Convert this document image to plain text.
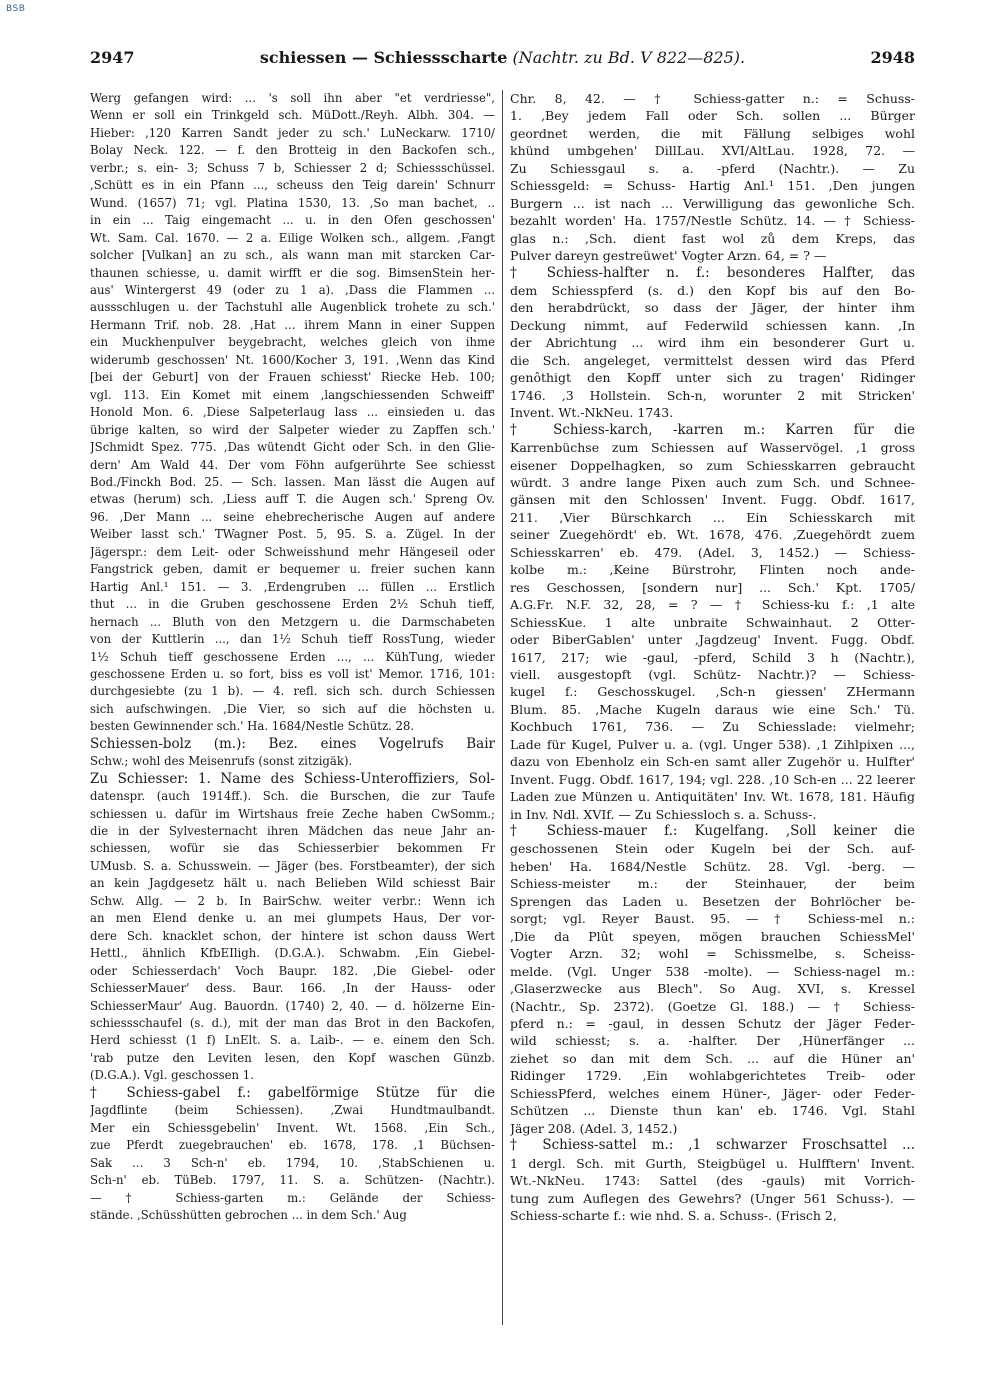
BSB
2947	schiessen — Schiessscharte (Nachtr. zu Bd. V 822—825).	2948
Werg gefangen wird: ... 's soll ihn aber "et verdriesse",
Wenn er soll ein Trinkgeld sch. MüDott./Reyh. Albh. 304. —
Hieber: ,120 Karren Sandt jeder zu sch.' LuNeckarw. 1710/
Bolay Neck. 122. — f. den Brotteig in den Backofen sch.,
verbr.; s. ein- 3; Schuss 7 b, Schiesser 2 d; Schiessschüssel.
,Schütt es in ein Pfann ..., scheuss den Teig darein' Schnurr
Wund. (1657) 71; vgl. Platina 1530, 13. ,So man bachet, ..
in ein ... Taig eingemacht ... u. in den Ofen geschossen'
Wt. Sam. Cal. 1670. — 2 a. Eilige Wolken sch., allgem. ,Fangt
solcher [Vulkan] an zu sch., als wann man mit starcken Car-
thaunen schiesse, u. damit wirfft er die sog. BimsenStein her-
aus' Wintergerst 49 (oder zu 1 a). ,Dass die Flammen ...
aussschlugen u. der Tachstuhl alle Augenblick trohete zu sch.'
Hermann Trif. nob. 28. ,Hat ... ihrem Mann in einer Suppen
ein Muckhenpulver beygebracht, welches gleich von ihme
widerumb geschossen' Nt. 1600/Kocher 3, 191. ,Wenn das Kind
[bei der Geburt] von der Frauen schiesst' Riecke Heb. 100;
vgl. 113. Ein Komet mit einem ,langschiessenden Schweiff'
Honold Mon. 6. ,Diese Salpeterlaug lass ... einsieden u. das
übrige kalten, so wird der Salpeter wieder zu Zapffen sch.'
JSchmidt Spez. 775. ,Das wütendt Gicht oder Sch. in den Glie-
dern' Am Wald 44. Der vom Föhn aufgerührte See schiesst
Bod./Finckh Bod. 25. — Sch. lassen. Man lässt die Augen auf
etwas (herum) sch. ,Liess auff T. die Augen sch.' Spreng Ov.
96. ,Der Mann ... seine ehebrecherische Augen auf andere
Weiber lasst sch.' TWagner Post. 5, 95. S. a. Zügel. In der
Jägerspr.: dem Leit- oder Schweisshund mehr Hängeseil oder
Fangstrick geben, damit er bequemer u. freier suchen kann
Hartig Anl.¹ 151. — 3. ,Erdengruben ... füllen ... Erstlich
thut ... in die Gruben geschossene Erden 2½ Schuh tieff,
hernach ... Bluth von den Metzgern u. die Darmschabeten
von der Kuttlerin ..., dan 1½ Schuh tieff RossTung, wieder
1½ Schuh tieff geschossene Erden ..., ... KühTung, wieder
geschossene Erden u. so fort, biss es voll ist' Memor. 1716, 101:
durchgesiebte (zu 1 b). — 4. refl. sich sch. durch Schiessen
sich aufschwingen. ,Die Vier, so sich auf die höchsten u.
besten Gewinnender sch.' Ha. 1684/Nestle Schütz. 28.
Schiessen-bolz (m.): Bez. eines Vogelrufs Bair
Schw.; wohl des Meisenrufs (sonst zitzigäk).
Zu Schiesser: 1. Name des Schiess-Unteroffiziers, Sol-
datenspr. (auch 1914ff.). Sch. die Burschen, die zur Taufe
schiessen u. dafür im Wirtshaus freie Zeche haben CwSomm.;
die in der Sylvesternacht ihren Mädchen das neue Jahr an-
schiessen, wofür sie das Schiesserbier bekommen Fr
UMusb. S. a. Schusswein. — Jäger (bes. Forstbeamter), der sich
an kein Jagdgesetz hält u. nach Belieben Wild schiesst Bair
Schw. Allg. — 2 b. In BairSchw. weiter verbr.: Wenn ich
an men Elend denke u. an mei glumpets Haus, Der vor-
dere Sch. knacklet schon, der hintere ist schon dauss Wert
Hettl., ähnlich KfbEIligh. (D.G.A.). Schwabm. ,Ein Giebel-
oder Schiesserdach' Voch Baupr. 182. ,Die Giebel- oder
SchiesserMauer' dess. Baur. 166. ,In der Hauss- oder
SchiesserMaur' Aug. Bauordn. (1740) 2, 40. — d. hölzerne Ein-
schiessschaufel (s. d.), mit der man das Brot in den Backofen,
Herd schiesst (1 f) LnElt. S. a. Laib-. — e. einem den Sch.
'rab putze den Leviten lesen, den Kopf waschen Günzb.
(D.G.A.). Vgl. geschossen 1.
† Schiess-gabel f.: gabelförmige Stütze für die
Jagdflinte (beim Schiessen). ,Zwai Hundtmaulbandt.
Mer ein Schiessgebelin' Invent. Wt. 1568. ,Ein Sch.,
zue Pferdt zuegebrauchen' eb. 1678, 178. ,1 Büchsen-
Sak ... 3 Sch-n' eb. 1794, 10. ,StabSchienen u.
Sch-n' eb. TüBeb. 1797, 11. S. a. Schützen- (Nachtr.).
— † Schiess-garten m.: Gelände der Schiess-
stände. ,Schüsshütten gebrochen ... in dem Sch.' Aug
Chr. 8, 42. — † Schiess-gatter n.: = Schuss-
1. ,Bey jedem Fall oder Sch. sollen ... Bürger
geordnet werden, die mit Fällung selbiges wohl
khünd umbgehen' DillLau. XVI/AltLau. 1928, 72. —
Zu Schiessgaul s. a. -pferd (Nachtr.). — Zu
Schiessgeld: = Schuss- Hartig Anl.¹ 151. ,Den jungen
Burgern ... ist nach ... Verwilligung das gewonliche Sch.
bezahlt worden' Ha. 1757/Nestle Schütz. 14. — † Schiess-
glas n.: ,Sch. dient fast wol zů dem Kreps, das
Pulver dareyn gestreüwet' Vogter Arzn. 64, = ? —
† Schiess-halfter n. f.: besonderes Halfter, das
dem Schiesspferd (s. d.) den Kopf bis auf den Bo-
den herabdrückt, so dass der Jäger, der hinter ihm
Deckung nimmt, auf Federwild schiessen kann. ,In
der Abrichtung ... wird ihm ein besonderer Gurt u.
die Sch. angeleget, vermittelst dessen wird das Pferd
genôthigt den Kopff unter sich zu tragen' Ridinger
1746. ,3 Hollstein. Sch-n, worunter 2 mit Stricken'
Invent. Wt.-NkNeu. 1743.
† Schiess-karch, -karren m.: Karren für die
Karrenbüchse zum Schiessen auf Wasservögel. ,1 gross
eisener Doppelhagken, so zum Schiesskarren gebraucht
würdt. 3 andre lange Pixen auch zum Sch. und Schnee-
gänsen mit den Schlossen' Invent. Fugg. Obdf. 1617,
211. ,Vier Bürschkarch ... Ein Schiesskarch mit
seiner Zuegehördt' eb. Wt. 1678, 476. ,Zuegehördt zuem
Schiesskarren' eb. 479. (Adel. 3, 1452.) — Schiess-
kolbe m.: ,Keine Bürstrohr, Flinten noch ande-
res Geschossen, [sondern nur] ... Sch.' Kpt. 1705/
A.G.Fr. N.F. 32, 28, = ? — † Schiess-ku f.: ,1 alte
SchiessKue. 1 alte unbraite Schwainhaut. 2 Otter-
oder BiberGablen' unter ,Jagdzeug' Invent. Fugg. Obdf.
1617, 217; wie -gaul, -pferd, Schild 3 h (Nachtr.),
viell. ausgestopft (vgl. Schütz- Nachtr.)? — Schiess-
kugel f.: Geschosskugel. ,Sch-n giessen' ZHermann
Blum. 85. ,Mache Kugeln daraus wie eine Sch.' Tü.
Kochbuch 1761, 736. — Zu Schiesslade: vielmehr;
Lade für Kugel, Pulver u. a. (vgl. Unger 538). ,1 Zihlpixen ...,
dazu von Ebenholz ein Sch-en samt aller Zugehör u. Hulfter'
Invent. Fugg. Obdf. 1617, 194; vgl. 228. ,10 Sch-en ... 22 leerer
Laden zue Münzen u. Antiquitäten' Inv. Wt. 1678, 181. Häufig
in Inv. Ndl. XVIf. — Zu Schiessloch s. a. Schuss-.
† Schiess-mauer f.: Kugelfang. ,Soll keiner die
geschossenen Stein oder Kugeln bei der Sch. auf-
heben' Ha. 1684/Nestle Schütz. 28. Vgl. -berg. —
Schiess-meister m.: der Steinhauer, der beim
Sprengen das Laden u. Besetzen der Bohrlöcher be-
sorgt; vgl. Reyer Baust. 95. — † Schiess-mel n.:
,Die da Plût speyen, mögen brauchen SchiessMel'
Vogter Arzn. 32; wohl = Schissmelbe, s. Scheiss-
melde. (Vgl. Unger 538 -molte). — Schiess-nagel m.:
,Glaserzwecke aus Blech". So Aug. XVI, s. Kressel
(Nachtr., Sp. 2372). (Goetze Gl. 188.) — † Schiess-
pferd n.: = -gaul, in dessen Schutz der Jäger Feder-
wild schiesst; s. a. -halfter. Der ,Hünerfänger ...
ziehet so dan mit dem Sch. ... auf die Hüner an'
Ridinger 1729. ,Ein wohlabgerichtetes Treib- oder
SchiessPferd, welches einem Hüner-, Jäger- oder Feder-
Schützen ... Dienste thun kan' eb. 1746. Vgl. Stahl
Jäger 208. (Adel. 3, 1452.)
† Schiess-sattel m.: ,1 schwarzer Froschsattel ...
1 dergl. Sch. mit Gurth, Steigbügel u. Hulfftern' Invent.
Wt.-NkNeu. 1743: Sattel (des -gauls) mit Vorrich-
tung zum Auflegen des Gewehrs? (Unger 561 Schuss-). —
Schiess-scharte f.: wie nhd. S. a. Schuss-. (Frisch 2,
